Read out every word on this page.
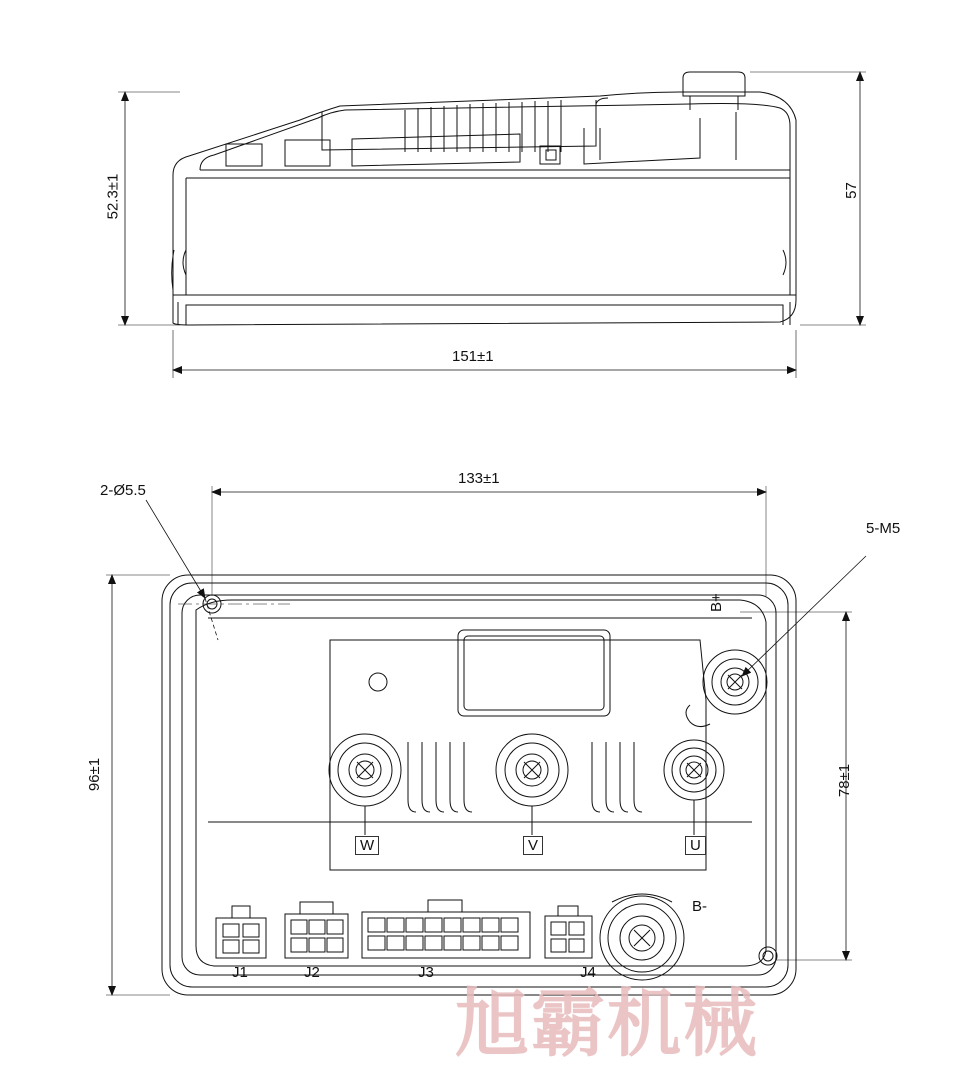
52.3±1	57
151±1
133±1
96±1	78±1
2-Ø5.5
5-M5
B+
B-
W	V	U
J1	J2	J3	J4
旭霸机械
